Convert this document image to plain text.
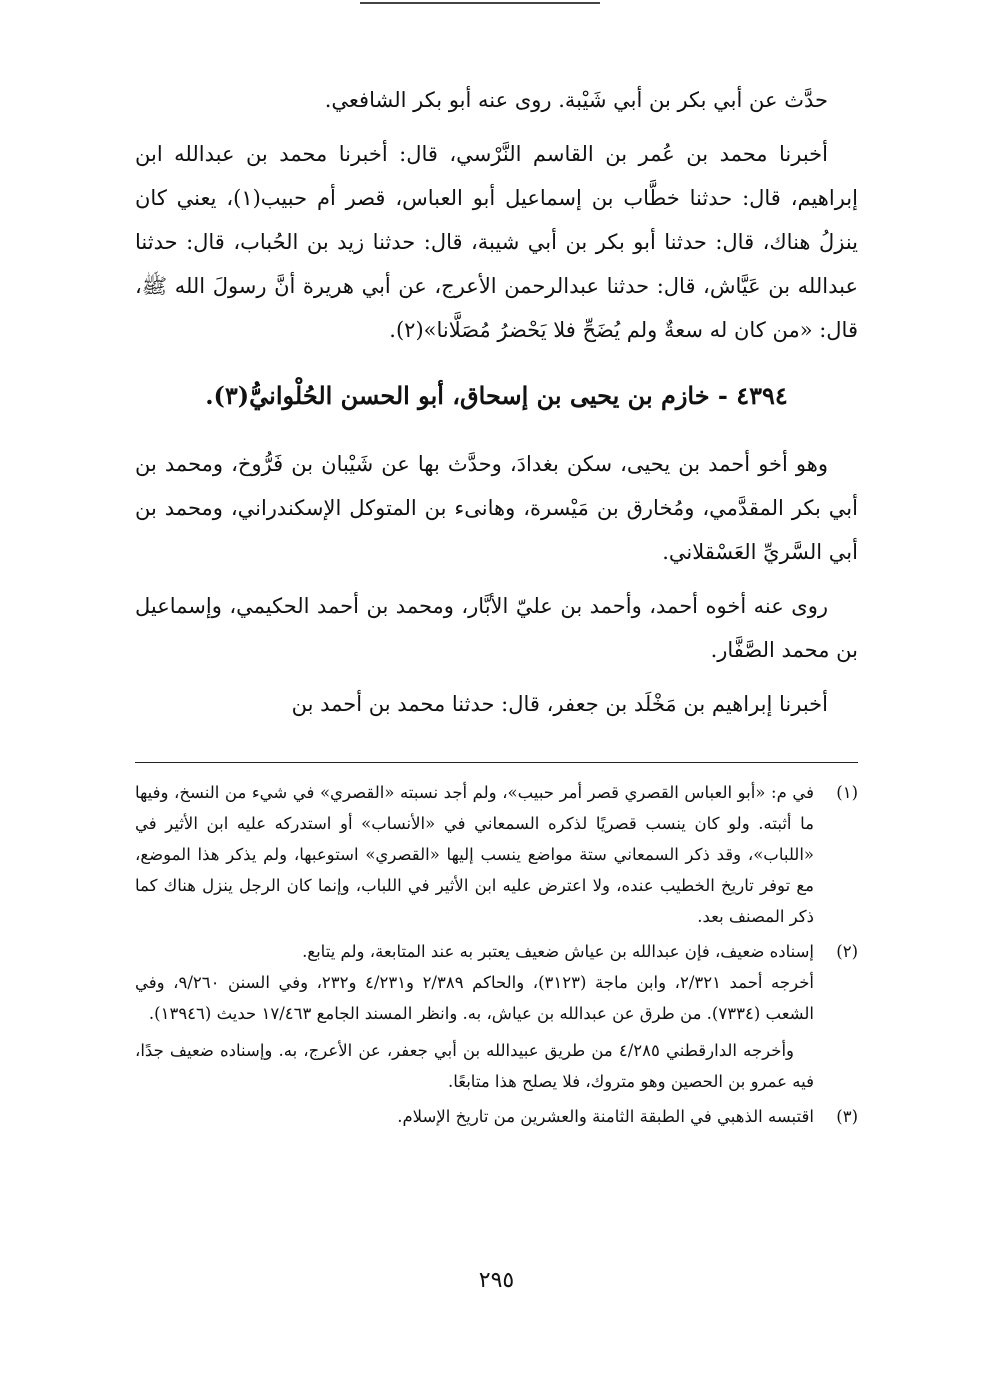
حدَّث عن أبي بكر بن أبي شَيْبة. روى عنه أبو بكر الشافعي.

أخبرنا محمد بن عُمر بن القاسم النَّرْسي، قال: أخبرنا محمد بن عبدالله ابن إبراهيم، قال: حدثنا خطَّاب بن إسماعيل أبو العباس، قصر أم حبيب(١)، يعني كان ينزلُ هناك، قال: حدثنا أبو بكر بن أبي شيبة، قال: حدثنا زيد بن الحُباب، قال: حدثنا عبدالله بن عَيَّاش، قال: حدثنا عبدالرحمن الأعرج، عن أبي هريرة أنَّ رسولَ الله ﷺ، قال: «من كان له سعةٌ ولم يُضَحِّ فلا يَحْضرُ مُصَلَّانا»(٢).

٤٣٩٤ - خازم بن يحيى بن إسحاق، أبو الحسن الحُلْوانيُّ(٣).

وهو أخو أحمد بن يحيى، سكن بغدادَ، وحدَّث بها عن شَيْبان بن فَرُّوخ، ومحمد بن أبي بكر المقدَّمي، ومُخارق بن مَيْسرة، وهانىء بن المتوكل الإسكندراني، ومحمد بن أبي السَّريِّ العَسْقلاني.

روى عنه أخوه أحمد، وأحمد بن عليّ الأبَّار، ومحمد بن أحمد الحكيمي، وإسماعيل بن محمد الصَّفَّار.

أخبرنا إبراهيم بن مَخْلَد بن جعفر، قال: حدثنا محمد بن أحمد بن

(١)

في م: «أبو العباس القصري قصر أمر حبيب»، ولم أجد نسبته «القصري» في شيء من النسخ، وفيها ما أثبته. ولو كان ينسب قصريًا لذكره السمعاني في «الأنساب» أو استدركه عليه ابن الأثير في «اللباب»، وقد ذكر السمعاني ستة مواضع ينسب إليها «القصري» استوعبها، ولم يذكر هذا الموضع، مع توفر تاريخ الخطيب عنده، ولا اعترض عليه ابن الأثير في اللباب، وإنما كان الرجل ينزل هناك كما ذكر المصنف بعد.

(٢)

إسناده ضعيف، فإن عبدالله بن عياش ضعيف يعتبر به عند المتابعة، ولم يتابع.

أخرجه أحمد ٢/٣٢١، وابن ماجة (٣١٢٣)، والحاكم ٢/٣٨٩ و٤/٢٣١ و٢٣٢، وفي السنن ٩/٢٦٠، وفي الشعب (٧٣٣٤). من طرق عن عبدالله بن عياش، به. وانظر المسند الجامع ١٧/٤٦٣ حديث (١٣٩٤٦).

وأخرجه الدارقطني ٤/٢٨٥ من طريق عبيدالله بن أبي جعفر، عن الأعرج، به. وإسناده ضعيف جدًا، فيه عمرو بن الحصين وهو متروك، فلا يصلح هذا متابعًا.

(٣)

اقتبسه الذهبي في الطبقة الثامنة والعشرين من تاريخ الإسلام.

٢٩٥
